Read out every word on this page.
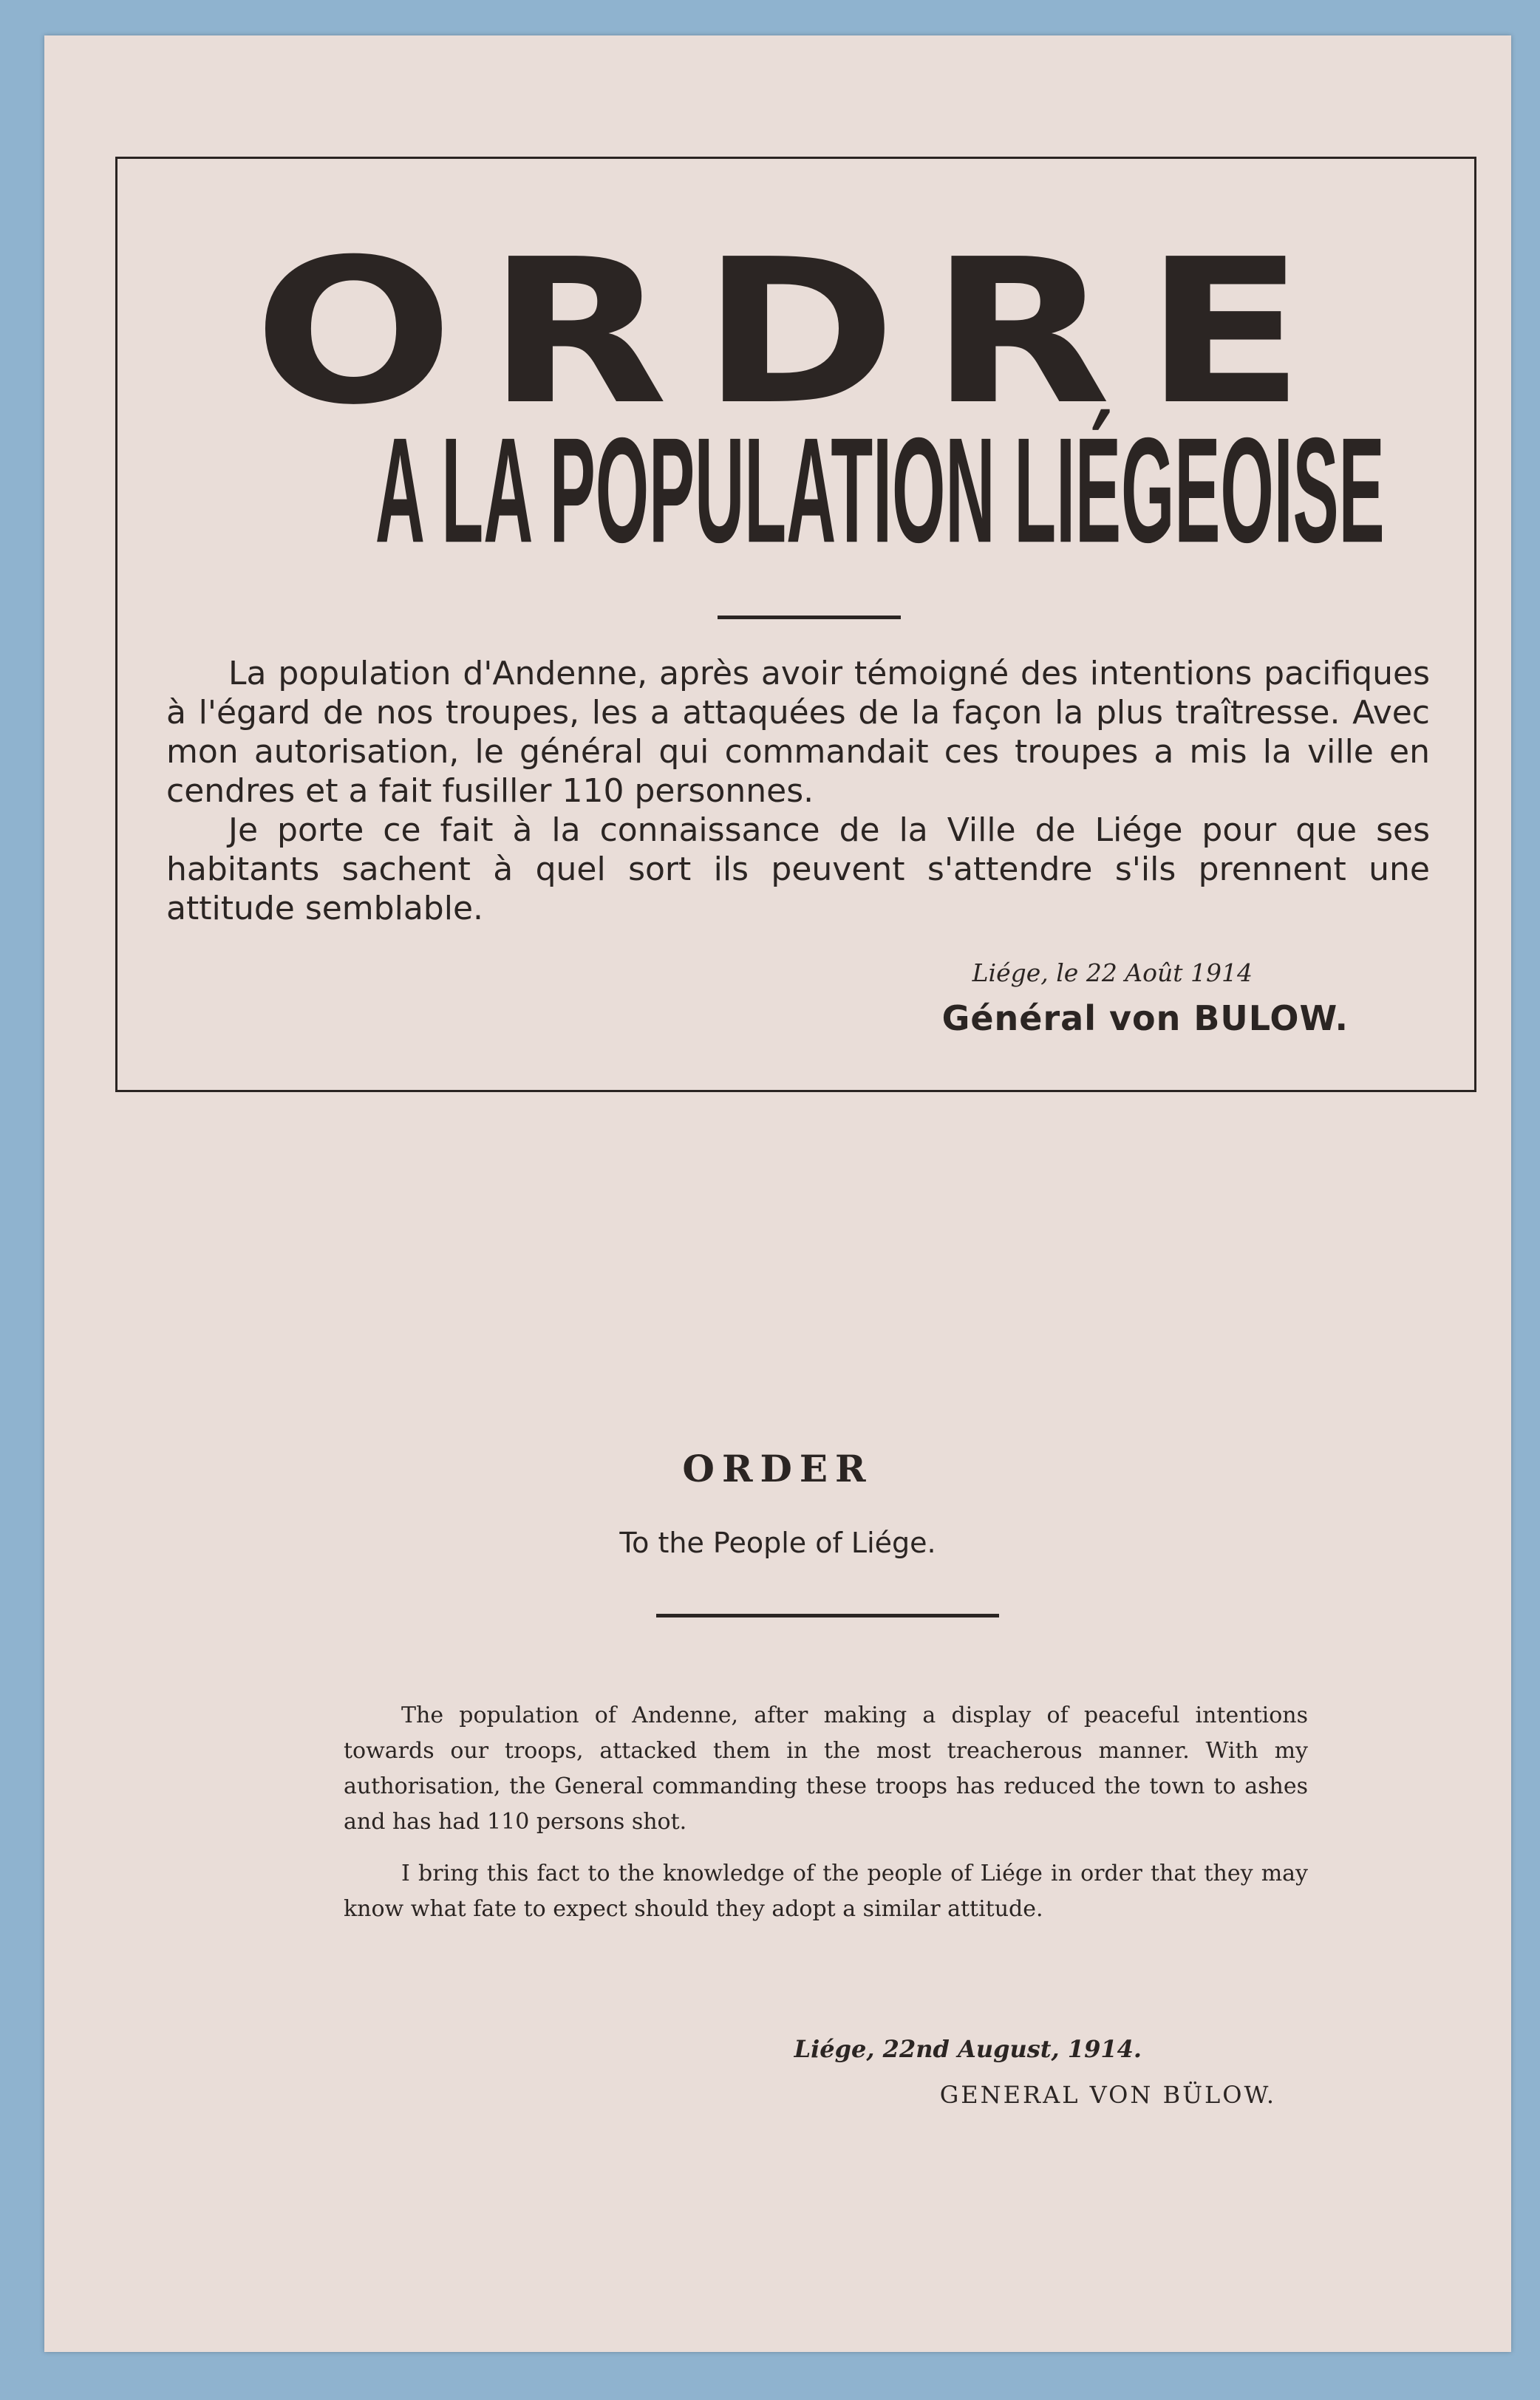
ORDRE
A LA POPULATION LIÉGEOISE

La population d'Andenne, après avoir témoigné des intentions pacifiques à l'égard de nos troupes, les a attaquées de la façon la plus traîtresse. Avec mon autorisation, le général qui commandait ces troupes a mis la ville en cendres et a fait fusiller 110 personnes.

Je porte ce fait à la connaissance de la Ville de Liége pour que ses habitants sachent à quel sort ils peuvent s'attendre s'ils prennent une attitude semblable.

Liége, le 22 Août 1914
Général von BULOW.
ORDER
To the People of Liége.

The population of Andenne, after making a display of peaceful intentions towards our troops, attacked them in the most treacherous manner. With my authorisation, the General commanding these troops has reduced the town to ashes and has had 110 persons shot.

I bring this fact to the knowledge of the people of Liége in order that they may know what fate to expect should they adopt a similar attitude.

Liége, 22nd August, 1914.
GENERAL VON BÜLOW.
